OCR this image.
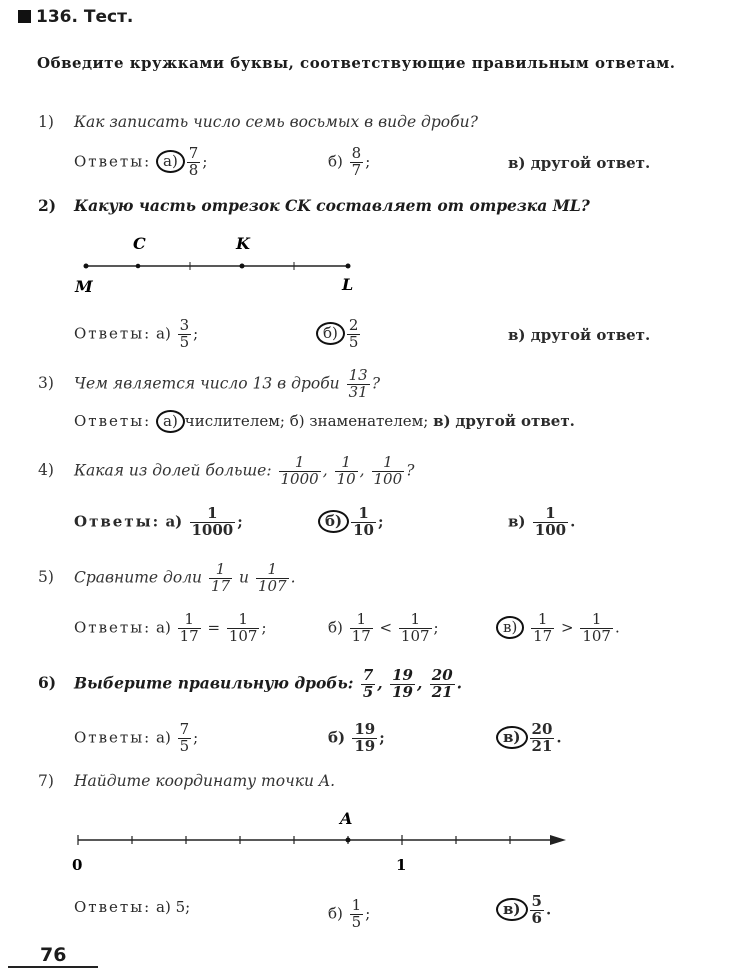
136. Тест.
Обведите кружками буквы, соответствующие правильным ответам.
1) Как записать число семь восьмых в виде дроби?
Ответы: $а) \frac{7}{8}$ ;	$б) \frac{8}{7}$ ;	в) другой ответ.
2) Какую часть отрезок CK составляет от отрезка ML?
C	K
M	L
Ответы: $а) \frac{3}{5}$ ;	$б) \frac{2}{5}$	в) другой ответ.
3) Чем является число 13 в дроби $\frac{13}{31}$ ?
Ответы: а) числителем; б) знаменателем; в) другой ответ.
4) Какая из долей больше: $\frac{1}{1000}$ , $\frac{1}{10}$ , $\frac{1}{100}$ ?
Ответы: $а) \frac{1}{1000}$ ;	$б) \frac{1}{10}$ ;	$в) \frac{1}{100}$ .
5) Сравните доли $\frac{1}{17}$ и $\frac{1}{107}$ .
Ответы: $а) \frac{1}{17} = \frac{1}{107}$ ;	$б) \frac{1}{17} < \frac{1}{107}$ ;	$в) \frac{1}{17} > \frac{1}{107}$ .
6) Выберите правильную дробь: $\frac{7}{5}$ , $\frac{19}{19}$ , $\frac{20}{21}$ .
Ответы: $а) \frac{7}{5}$ ;	$б) \frac{19}{19}$ ;	$в) \frac{20}{21}$ .
7) Найдите координату точки A.
A
0	1
Ответы: а) 5;	$б) \frac{1}{5}$ ;	$в) \frac{5}{6}$ .
76
